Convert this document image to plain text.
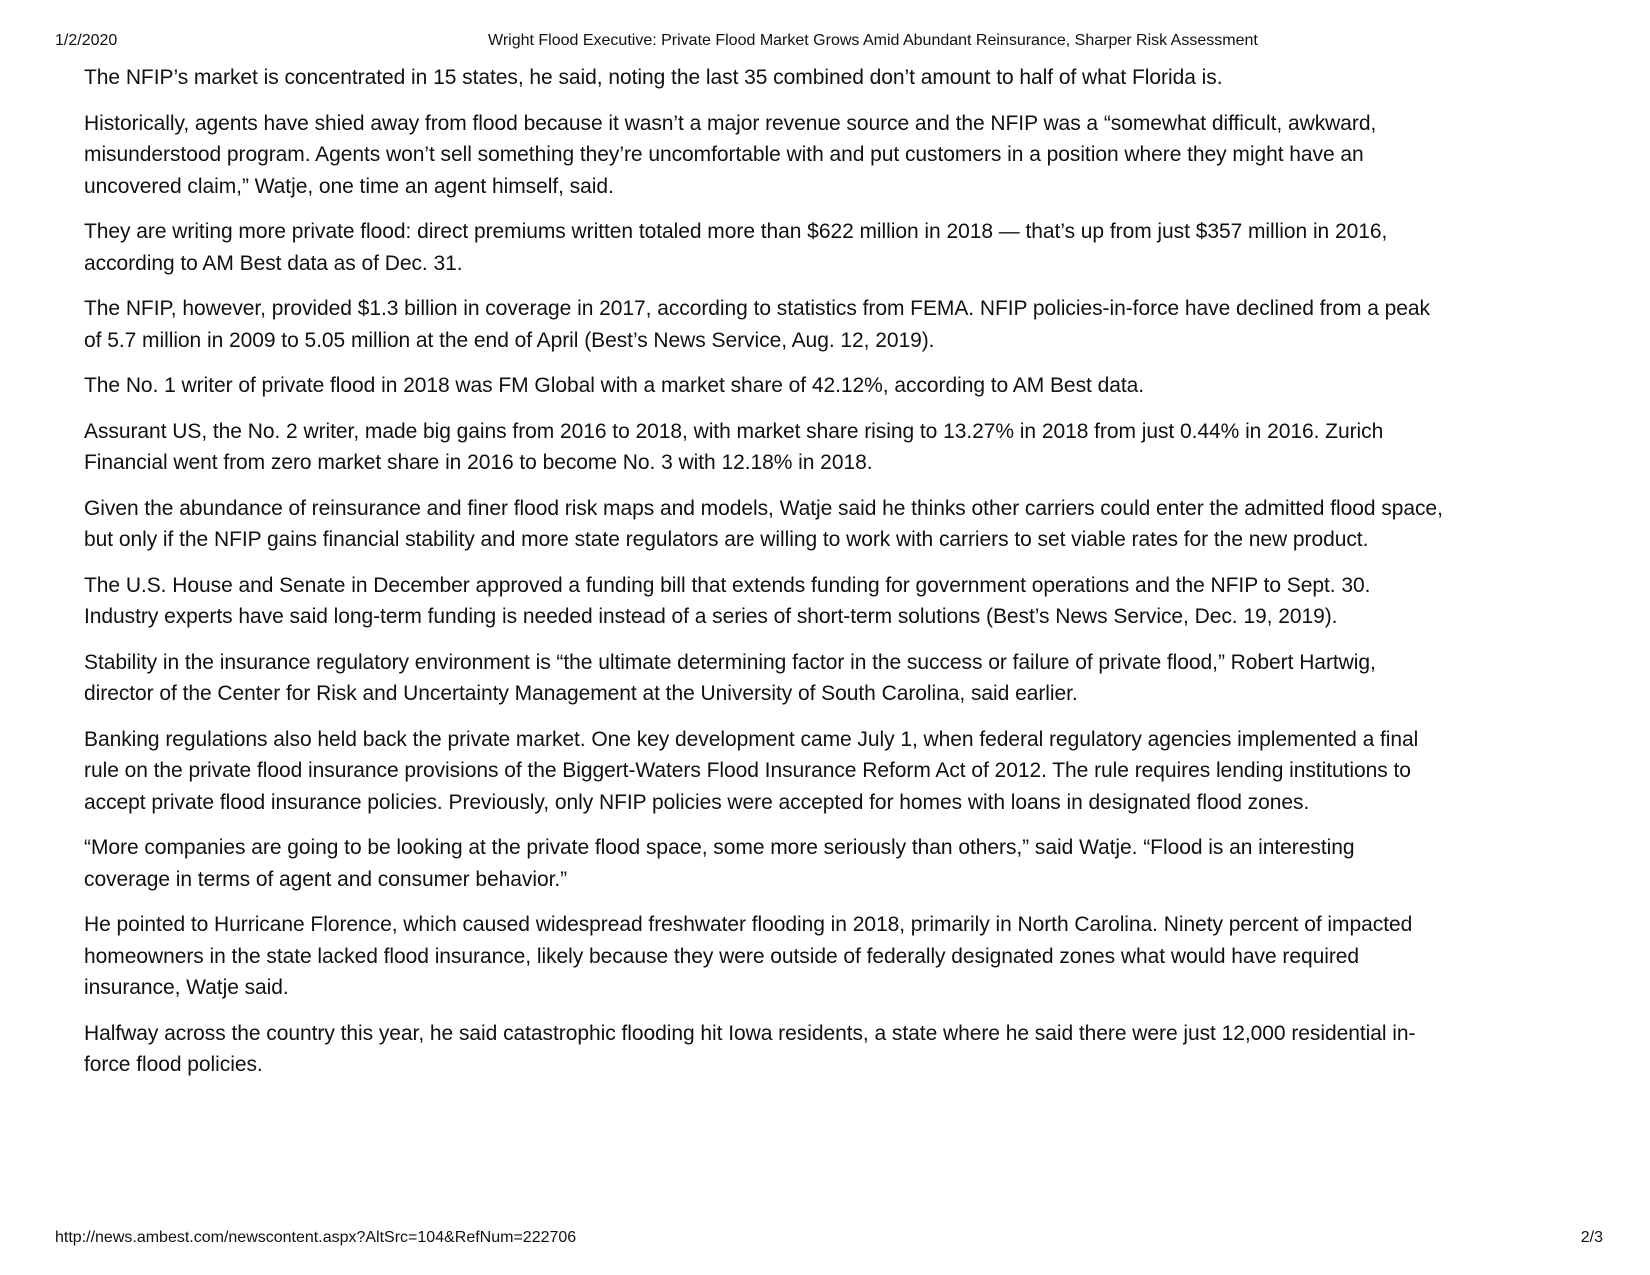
1/2/2020	Wright Flood Executive: Private Flood Market Grows Amid Abundant Reinsurance, Sharper Risk Assessment

The NFIP’s market is concentrated in 15 states, he said, noting the last 35 combined don’t amount to half of what Florida is.

Historically, agents have shied away from flood because it wasn’t a major revenue source and the NFIP was a “somewhat difficult, awkward, misunderstood program. Agents won’t sell something they’re uncomfortable with and put customers in a position where they might have an uncovered claim,” Watje, one time an agent himself, said.

They are writing more private flood: direct premiums written totaled more than $622 million in 2018 — that’s up from just $357 million in 2016, according to AM Best data as of Dec. 31.

The NFIP, however, provided $1.3 billion in coverage in 2017, according to statistics from FEMA. NFIP policies-in-force have declined from a peak of 5.7 million in 2009 to 5.05 million at the end of April (Best’s News Service, Aug. 12, 2019).

The No. 1 writer of private flood in 2018 was FM Global with a market share of 42.12%, according to AM Best data.

Assurant US, the No. 2 writer, made big gains from 2016 to 2018, with market share rising to 13.27% in 2018 from just 0.44% in 2016. Zurich Financial went from zero market share in 2016 to become No. 3 with 12.18% in 2018.

Given the abundance of reinsurance and finer flood risk maps and models, Watje said he thinks other carriers could enter the admitted flood space, but only if the NFIP gains financial stability and more state regulators are willing to work with carriers to set viable rates for the new product.

The U.S. House and Senate in December approved a funding bill that extends funding for government operations and the NFIP to Sept. 30. Industry experts have said long-term funding is needed instead of a series of short-term solutions (Best’s News Service, Dec. 19, 2019).

Stability in the insurance regulatory environment is “the ultimate determining factor in the success or failure of private flood,” Robert Hartwig, director of the Center for Risk and Uncertainty Management at the University of South Carolina, said earlier.

Banking regulations also held back the private market. One key development came July 1, when federal regulatory agencies implemented a final rule on the private flood insurance provisions of the Biggert-Waters Flood Insurance Reform Act of 2012. The rule requires lending institutions to accept private flood insurance policies. Previously, only NFIP policies were accepted for homes with loans in designated flood zones.

“More companies are going to be looking at the private flood space, some more seriously than others,” said Watje. “Flood is an interesting coverage in terms of agent and consumer behavior.”

He pointed to Hurricane Florence, which caused widespread freshwater flooding in 2018, primarily in North Carolina. Ninety percent of impacted homeowners in the state lacked flood insurance, likely because they were outside of federally designated zones what would have required insurance, Watje said.

Halfway across the country this year, he said catastrophic flooding hit Iowa residents, a state where he said there were just 12,000 residential in-force flood policies.

http://news.ambest.com/newscontent.aspx?AltSrc=104&RefNum=222706	2/3
